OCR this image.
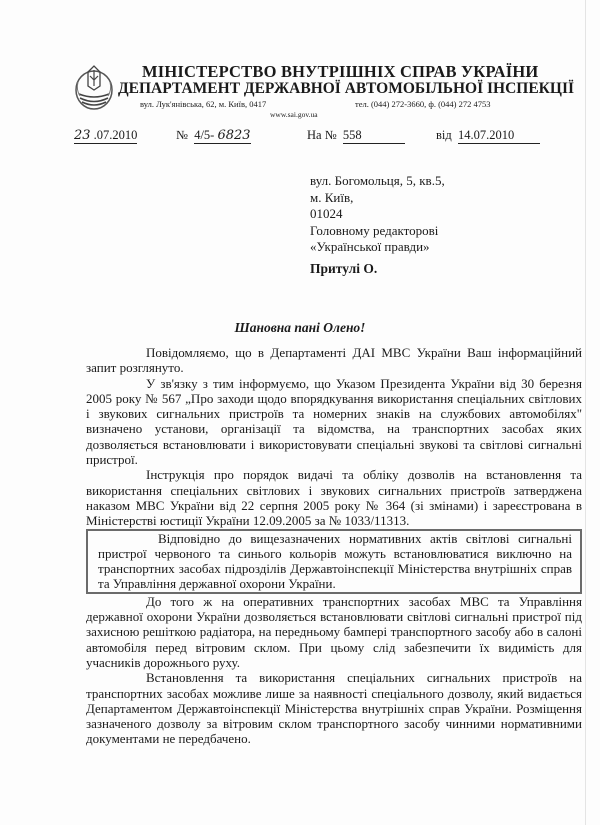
МІНІСТЕРСТВО ВНУТРІШНІХ СПРАВ УКРАЇНИ
ДЕПАРТАМЕНТ ДЕРЖАВНОЇ АВТОМОБІЛЬНОЇ ІНСПЕКЦІЇ
вул. Лук'янівська, 62, м. Київ, 0417	тел. (044) 272-3660, ф. (044) 272 4753
www.sai.gov.ua
23 .07.2010	№ 4/5- 6823	На № 558	від 14.07.2010
вул. Богомольця, 5, кв.5,
м. Київ,
01024
Головному редакторові
«Української правди»
Притулі О.
Шановна пані Олено!

Повідомляємо, що в Департаменті ДАІ МВС України Ваш інформаційний запит розглянуто.

У зв'язку з тим інформуємо, що Указом Президента України від 30 березня 2005 року № 567 „Про заходи щодо впорядкування використання спеціальних світлових і звукових сигнальних пристроїв та номерних знаків на службових автомобілях" визначено установи, організації та відомства, на транспортних засобах яких дозволяється встановлювати і використовувати спеціальні звукові та світлові сигнальні пристрої.

Інструкція про порядок видачі та обліку дозволів на встановлення та використання спеціальних світлових і звукових сигнальних пристроїв затверджена наказом МВС України від 22 серпня 2005 року № 364 (зі змінами) і зареєстрована в Міністерстві юстиції України 12.09.2005 за № 1033/11313.

Відповідно до вищезазначених нормативних актів світлові сигнальні пристрої червоного та синього кольорів можуть встановлюватися виключно на транспортних засобах підрозділів Державтоінспекції Міністерства внутрішніх справ та Управління державної охорони України.

До того ж на оперативних транспортних засобах МВС та Управління державної охорони України дозволяється встановлювати світлові сигнальні пристрої під захисною решіткою радіатора, на передньому бампері транспортного засобу або в салоні автомобіля перед вітровим склом. При цьому слід забезпечити їх видимість для учасників дорожнього руху.

Встановлення та використання спеціальних сигнальних пристроїв на транспортних засобах можливе лише за наявності спеціального дозволу, який видається Департаментом Державтоінспекції Міністерства внутрішніх справ України. Розміщення зазначеного дозволу за вітровим склом транспортного засобу чинними нормативними документами не передбачено.
